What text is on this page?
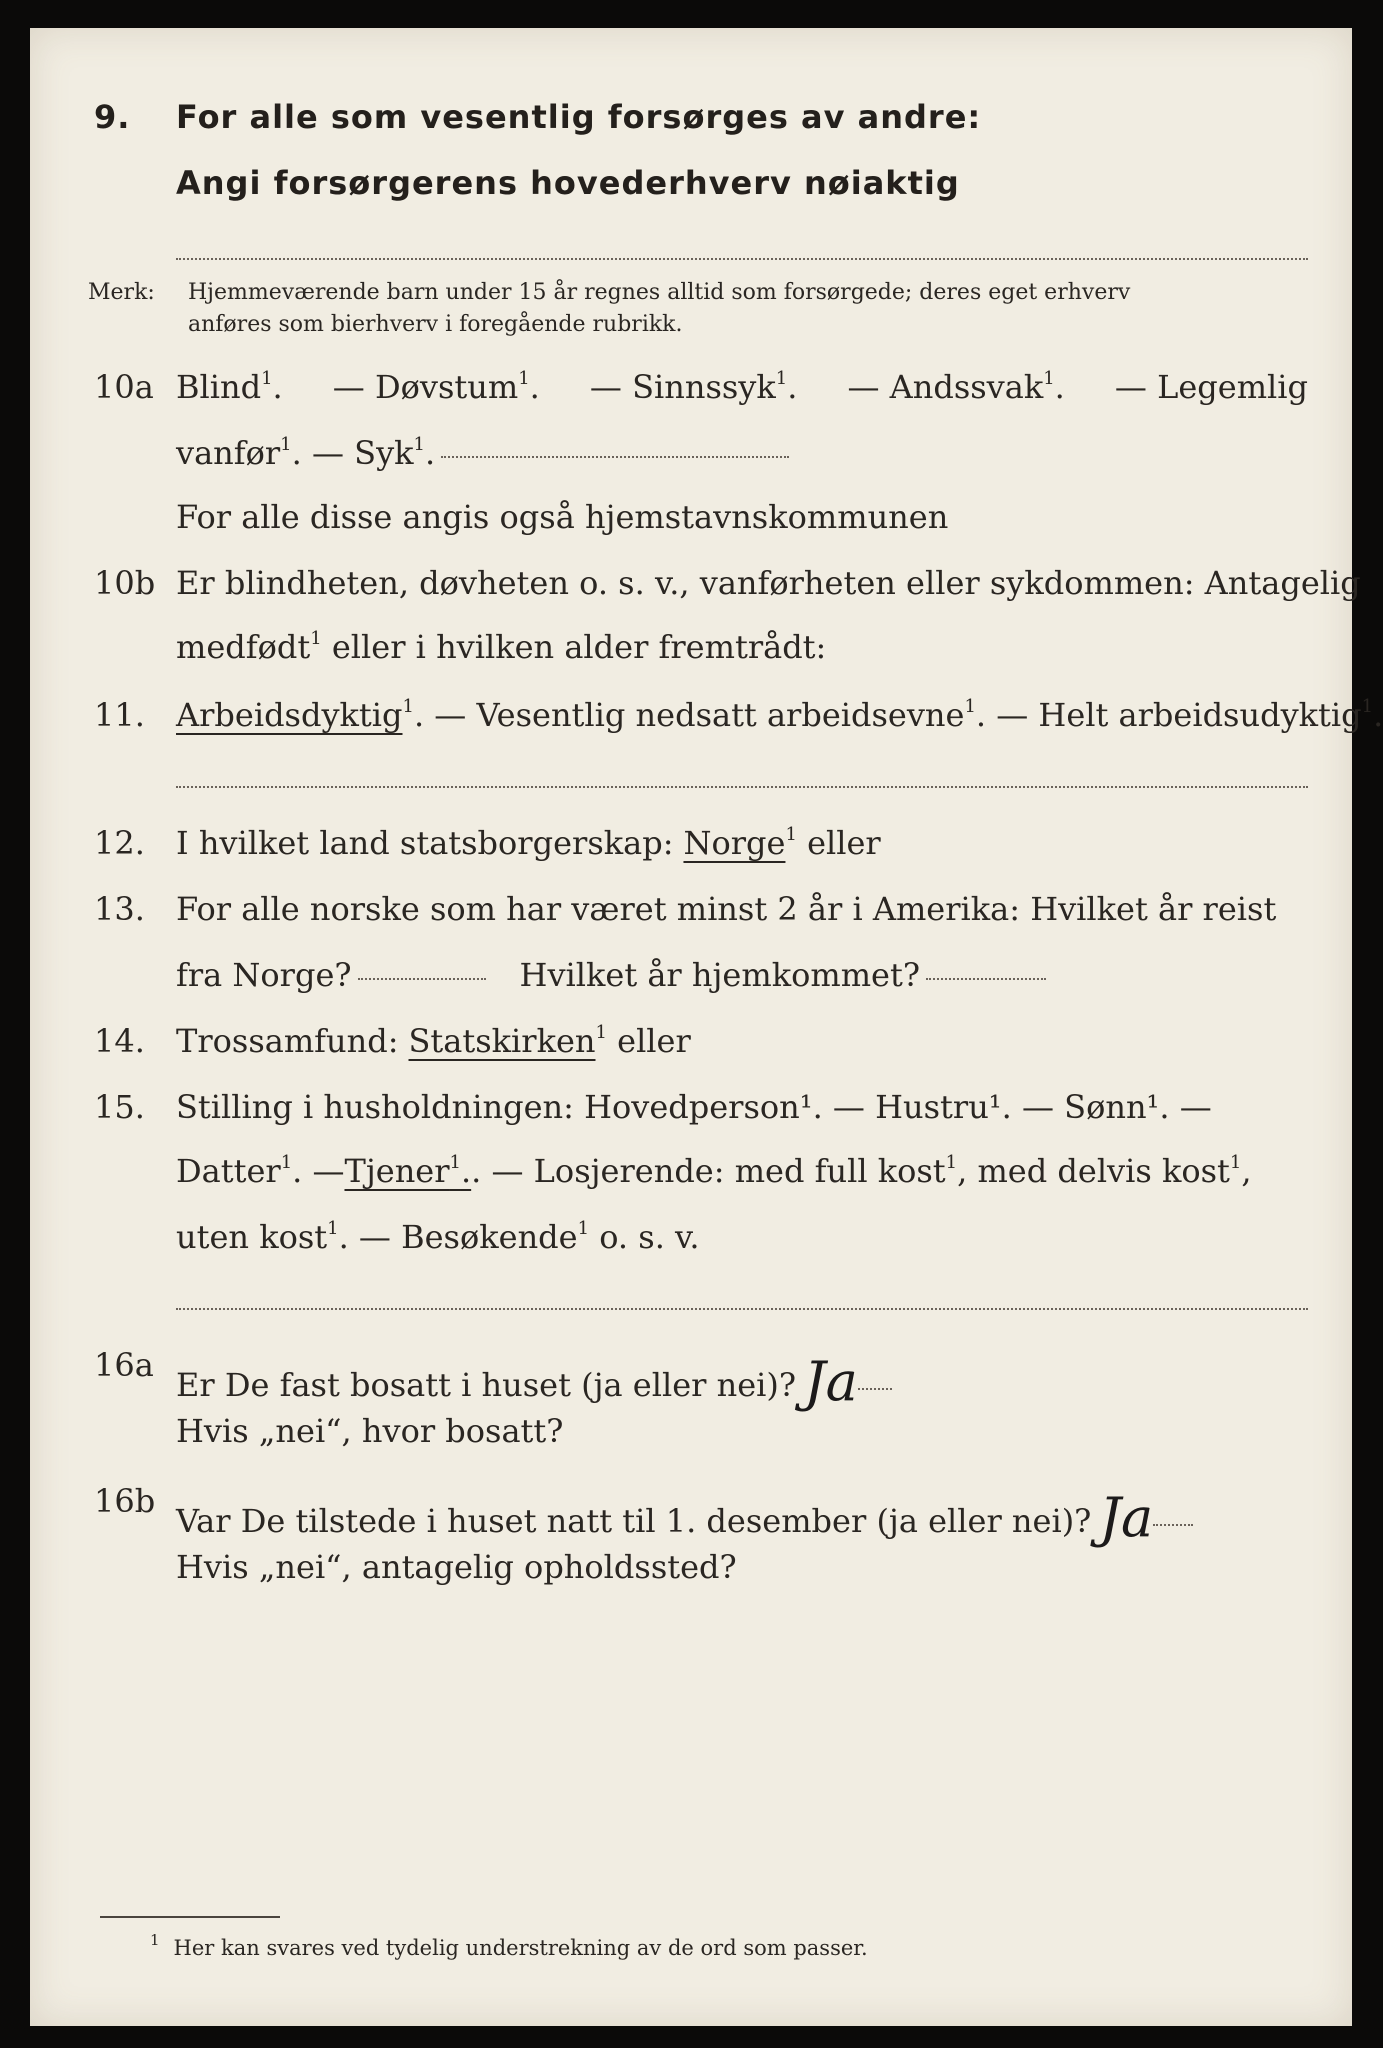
9. For alle som vesentlig forsørges av andre:
Angi forsørgerens hovederhverv nøiaktig
Merk: Hjemmeværende barn under 15 år regnes alltid som forsørgede; deres eget erhverv
anføres som bierhverv i foregående rubrikk.
10a Blind$^1$. — Døvstum$^1$. — Sinnssyk$^1$. — Andssvak$^1$. — Legemlig
vanfør$^1$. — Syk$^1$.
For alle disse angis også hjemstavnskommunen
10b Er blindheten, døvheten o. s. v., vanførheten eller sykdommen: Antagelig
medfødt$^1$ eller i hvilken alder fremtrådt:
11. Arbeidsdyktig $^1$. — Vesentlig nedsatt arbeidsevne$^1$ . — Helt arbeidsudyktig$^1$.
12. I hvilket land statsborgerskap: Norge $^1$ eller
13. For alle norske som har været minst 2 år i Amerika: Hvilket år reist
fra Norge?	Hvilket år hjemkommet?
14. Trossamfund: Statskirken $^1$ eller
15. Stilling i husholdningen: Hovedperson¹. — Hustru¹. — Sønn¹. —
Datter$^1$. — Tjener$^1$. . — Losjerende: med full kost$^1$, med delvis kost$^1$,
uten kost$^1$. — Besøkende$^1$ o. s. v.
16a
Er De fast bosatt i huset (ja eller nei)? Ja
Hvis „nei“, hvor bosatt?
16b
Var De tilstede i huset natt til 1. desember (ja eller nei)? Ja
Hvis „nei“, antagelig opholdssted?
$^1$ Her kan svares ved tydelig understrekning av de ord som passer.
